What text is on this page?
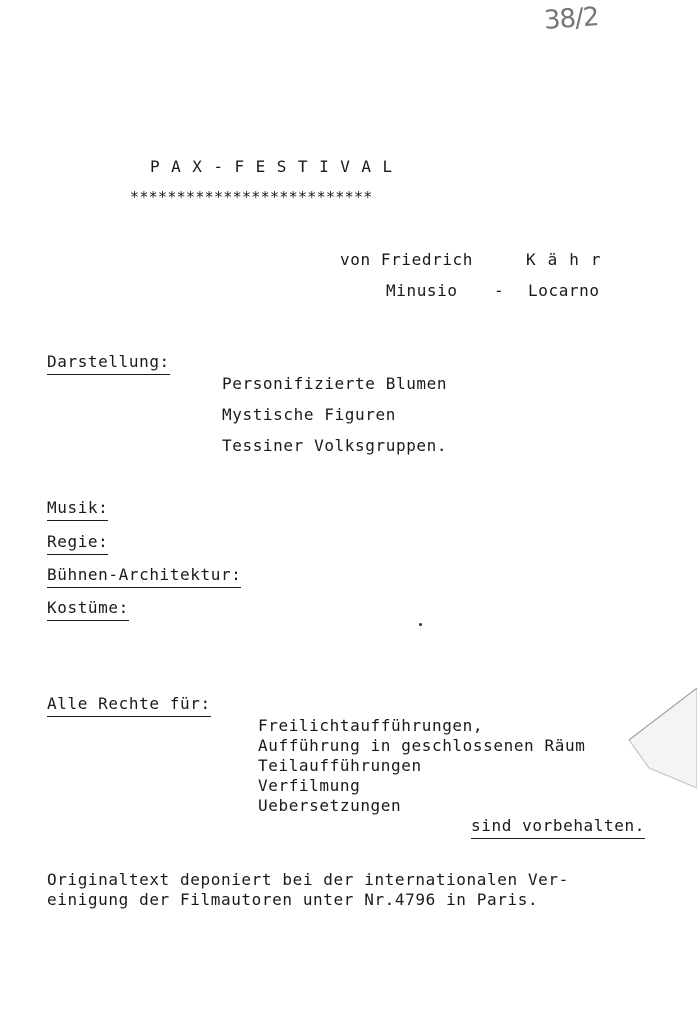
38/2
PAX-FESTIVAL
**************************
von Friedrich	Kähr
Minusio - Locarno
Darstellung:
Personifizierte Blumen
Mystische Figuren
Tessiner Volksgruppen.
Musik:
Regie:
Bühnen-Architektur:
Kostüme:
Alle Rechte für:
Freilichtaufführungen,
Aufführung in geschlossenen Räum
Teilaufführungen
Verfilmung
Uebersetzungen
sind vorbehalten.
Originaltext deponiert bei der internationalen Ver-
einigung der Filmautoren unter Nr.4796 in Paris.
